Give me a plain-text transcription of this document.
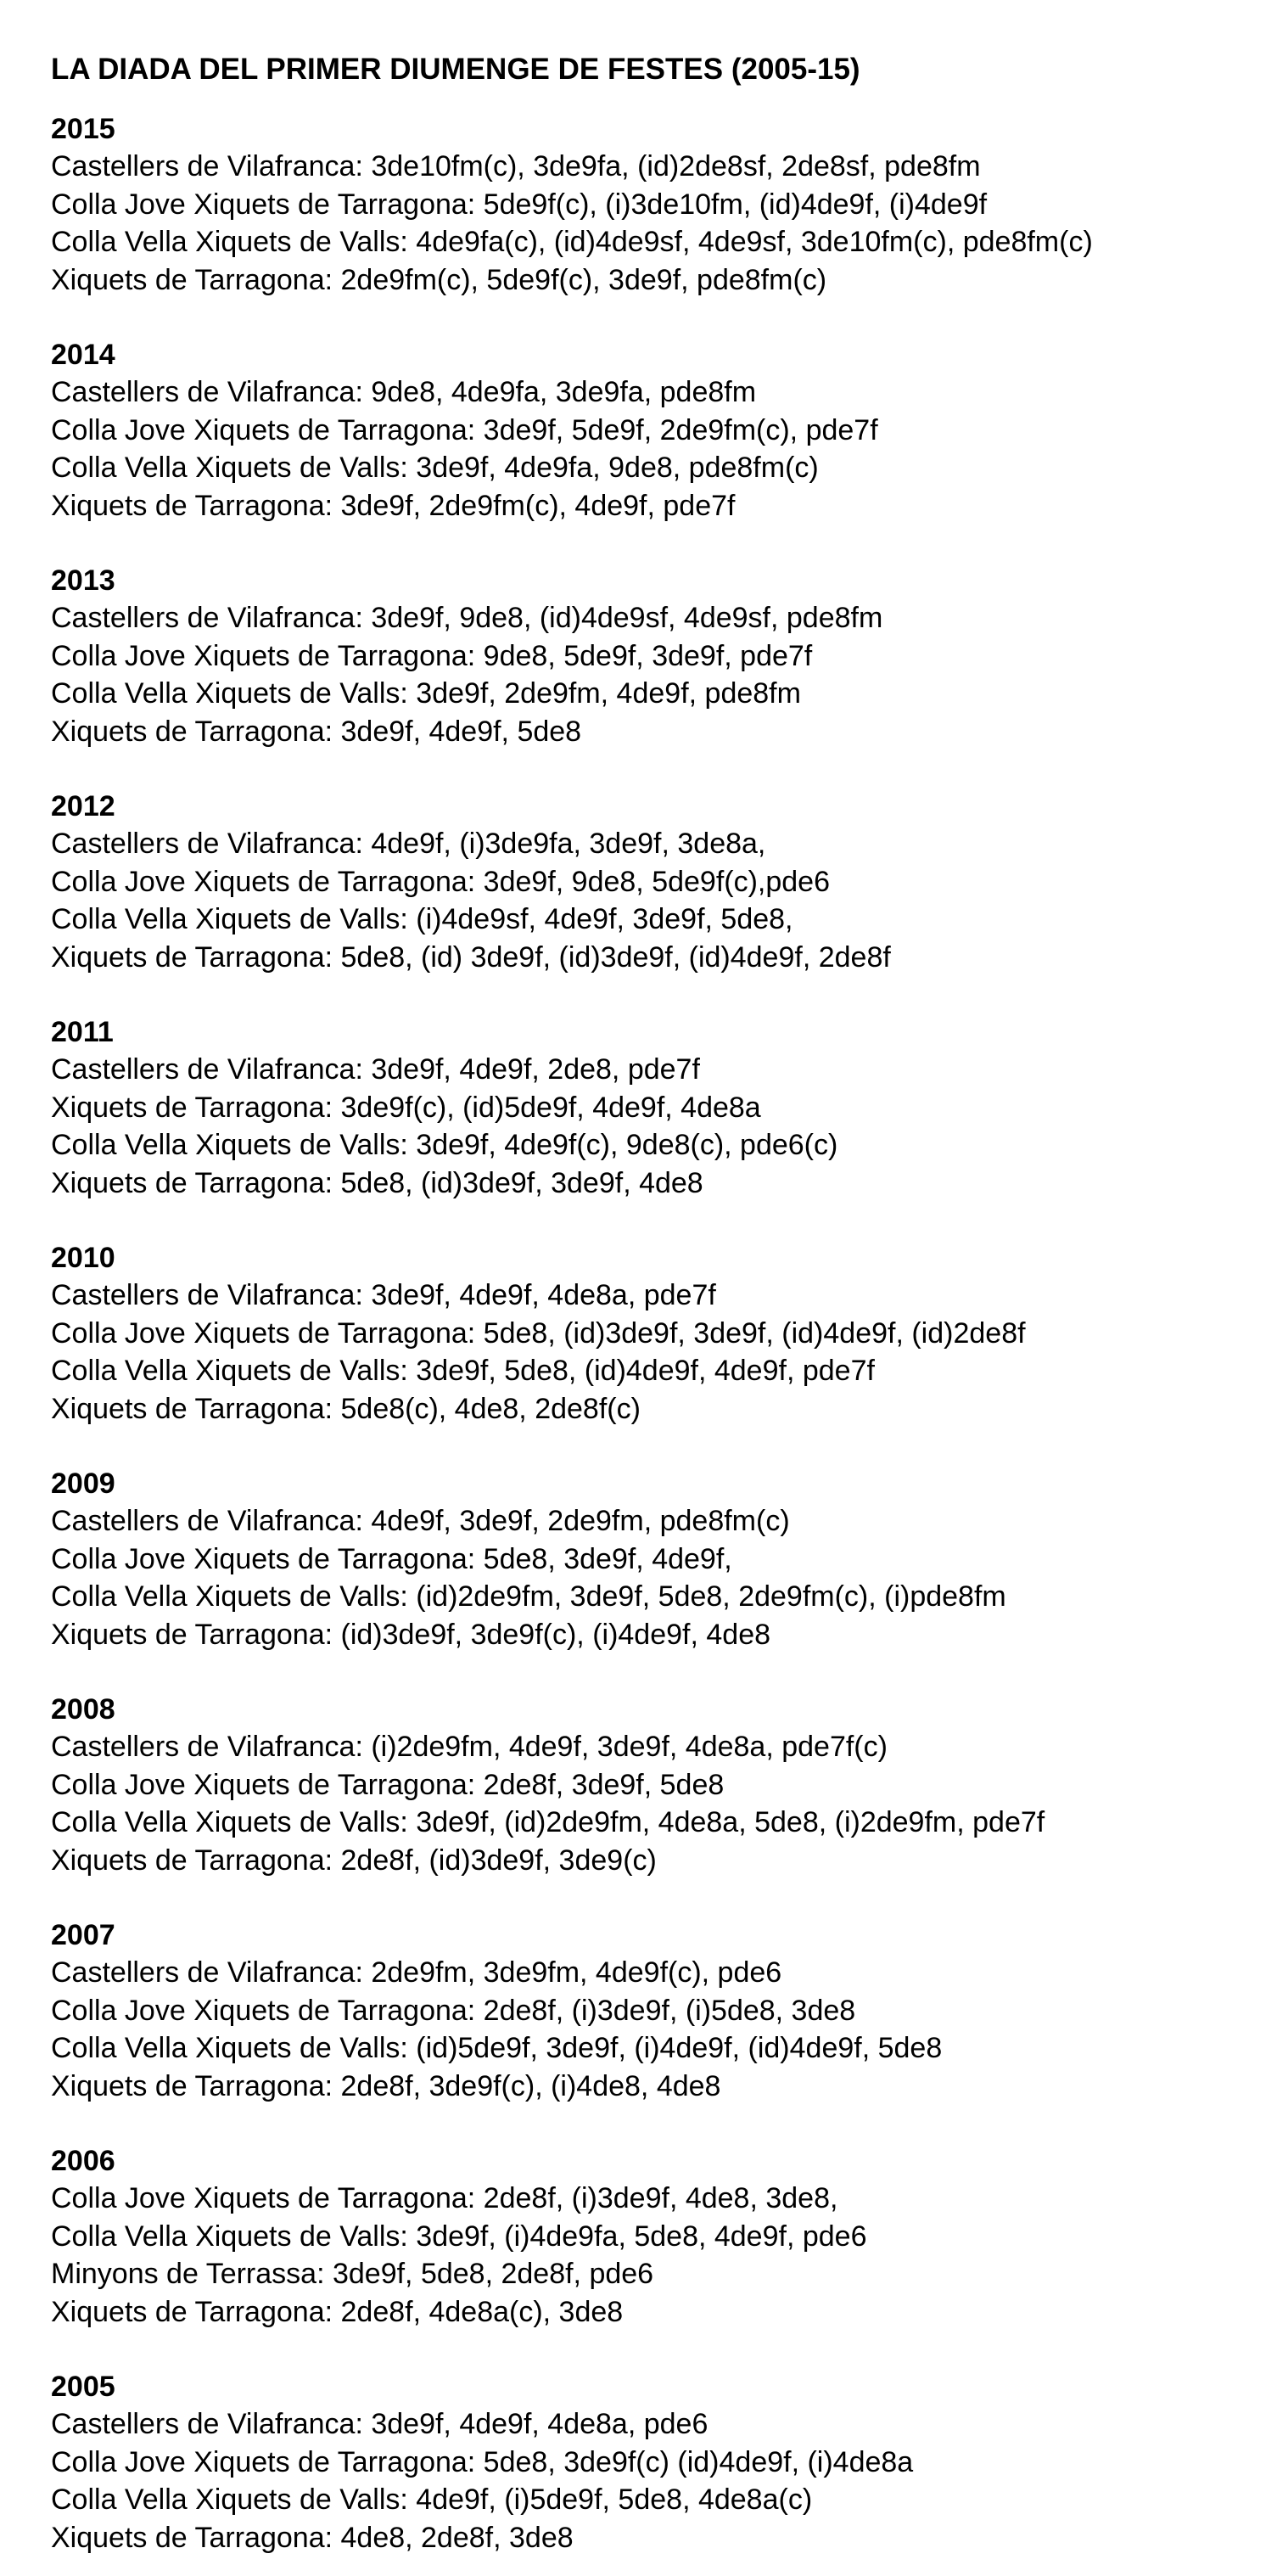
LA DIADA DEL PRIMER DIUMENGE DE FESTES (2005-15)
2015
Castellers de Vilafranca: 3de10fm(c), 3de9fa, (id)2de8sf, 2de8sf, pde8fm
Colla Jove Xiquets de Tarragona: 5de9f(c), (i)3de10fm, (id)4de9f, (i)4de9f
Colla Vella Xiquets de Valls: 4de9fa(c), (id)4de9sf, 4de9sf, 3de10fm(c), pde8fm(c)
Xiquets de Tarragona: 2de9fm(c), 5de9f(c), 3de9f, pde8fm(c)
2014
Castellers de Vilafranca: 9de8, 4de9fa, 3de9fa, pde8fm
Colla Jove Xiquets de Tarragona: 3de9f, 5de9f, 2de9fm(c), pde7f
Colla Vella Xiquets de Valls: 3de9f, 4de9fa, 9de8, pde8fm(c)
Xiquets de Tarragona: 3de9f, 2de9fm(c), 4de9f, pde7f
2013
Castellers de Vilafranca: 3de9f, 9de8, (id)4de9sf, 4de9sf, pde8fm
Colla Jove Xiquets de Tarragona: 9de8, 5de9f, 3de9f, pde7f
Colla Vella Xiquets de Valls: 3de9f, 2de9fm, 4de9f, pde8fm
Xiquets de Tarragona: 3de9f, 4de9f, 5de8
2012
Castellers de Vilafranca: 4de9f, (i)3de9fa, 3de9f, 3de8a,
Colla Jove Xiquets de Tarragona: 3de9f, 9de8, 5de9f(c),pde6
Colla Vella Xiquets de Valls: (i)4de9sf, 4de9f, 3de9f, 5de8,
Xiquets de Tarragona: 5de8, (id) 3de9f, (id)3de9f, (id)4de9f, 2de8f
2011
Castellers de Vilafranca: 3de9f, 4de9f, 2de8, pde7f
Xiquets de Tarragona: 3de9f(c), (id)5de9f, 4de9f, 4de8a
Colla Vella Xiquets de Valls: 3de9f, 4de9f(c), 9de8(c), pde6(c)
Xiquets de Tarragona: 5de8, (id)3de9f, 3de9f, 4de8
2010
Castellers de Vilafranca: 3de9f, 4de9f, 4de8a, pde7f
Colla Jove Xiquets de Tarragona: 5de8, (id)3de9f, 3de9f, (id)4de9f, (id)2de8f
Colla Vella Xiquets de Valls: 3de9f, 5de8, (id)4de9f, 4de9f, pde7f
Xiquets de Tarragona: 5de8(c), 4de8, 2de8f(c)
2009
Castellers de Vilafranca: 4de9f, 3de9f, 2de9fm, pde8fm(c)
Colla Jove Xiquets de Tarragona: 5de8, 3de9f, 4de9f,
Colla Vella Xiquets de Valls: (id)2de9fm, 3de9f, 5de8, 2de9fm(c), (i)pde8fm
Xiquets de Tarragona: (id)3de9f, 3de9f(c), (i)4de9f, 4de8
2008
Castellers de Vilafranca: (i)2de9fm, 4de9f, 3de9f, 4de8a, pde7f(c)
Colla Jove Xiquets de Tarragona: 2de8f, 3de9f, 5de8
Colla Vella Xiquets de Valls: 3de9f, (id)2de9fm, 4de8a, 5de8, (i)2de9fm, pde7f
Xiquets de Tarragona: 2de8f, (id)3de9f, 3de9(c)
2007
Castellers de Vilafranca: 2de9fm, 3de9fm, 4de9f(c), pde6
Colla Jove Xiquets de Tarragona: 2de8f, (i)3de9f, (i)5de8, 3de8
Colla Vella Xiquets de Valls: (id)5de9f, 3de9f, (i)4de9f, (id)4de9f, 5de8
Xiquets de Tarragona: 2de8f, 3de9f(c), (i)4de8, 4de8
2006
Colla Jove Xiquets de Tarragona: 2de8f, (i)3de9f, 4de8, 3de8,
Colla Vella Xiquets de Valls: 3de9f, (i)4de9fa, 5de8, 4de9f, pde6
Minyons de Terrassa: 3de9f, 5de8, 2de8f, pde6
Xiquets de Tarragona: 2de8f, 4de8a(c), 3de8
2005
Castellers de Vilafranca: 3de9f, 4de9f, 4de8a, pde6
Colla Jove Xiquets de Tarragona: 5de8, 3de9f(c) (id)4de9f, (i)4de8a
Colla Vella Xiquets de Valls: 4de9f, (i)5de9f, 5de8, 4de8a(c)
Xiquets de Tarragona: 4de8, 2de8f, 3de8
